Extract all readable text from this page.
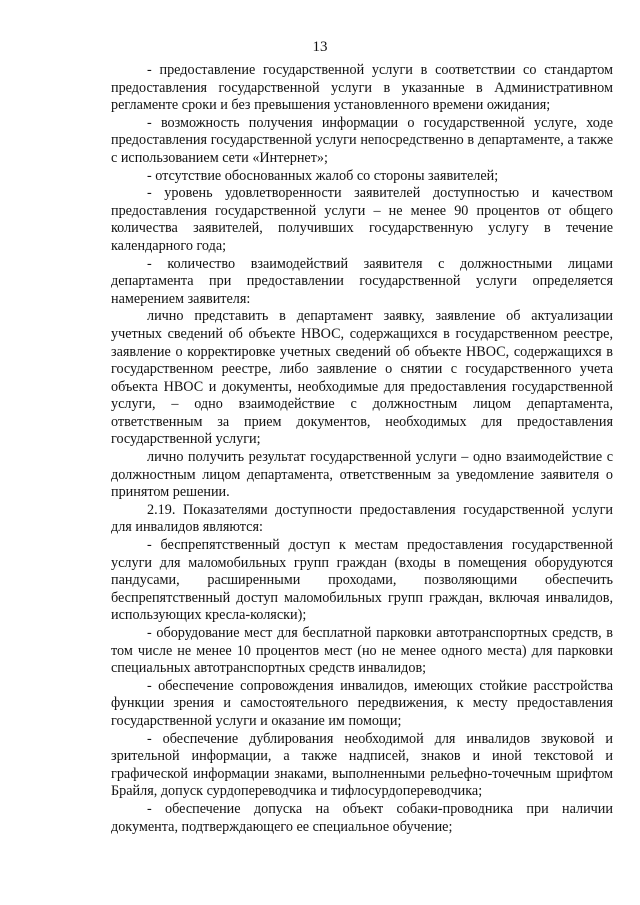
13

- предоставление государственной услуги в соответствии со стандартом предоставления государственной услуги в указанные в Административном регламенте сроки и без превышения установленного времени ожидания;

- возможность получения информации о государственной услуге, ходе предоставления государственной услуги непосредственно в департаменте, а также с использованием сети «Интернет»;

- отсутствие обоснованных жалоб со стороны заявителей;

- уровень удовлетворенности заявителей доступностью и качеством предоставления государственной услуги – не менее 90 процентов от общего количества заявителей, получивших государственную услугу в течение календарного года;

- количество взаимодействий заявителя с должностными лицами департамента при предоставлении государственной услуги определяется намерением заявителя:

лично представить в департамент заявку, заявление об актуализации учетных сведений об объекте НВОС, содержащихся в государственном реестре, заявление о корректировке учетных сведений об объекте НВОС, содержащихся в государственном реестре, либо заявление о снятии с государственного учета объекта НВОС и документы, необходимые для предоставления государственной услуги, – одно взаимодействие с должностным лицом департамента, ответственным за прием документов, необходимых для предоставления государственной услуги;

лично получить результат государственной услуги – одно взаимодействие с должностным лицом департамента, ответственным за уведомление заявителя о принятом решении.

2.19. Показателями доступности предоставления государственной услуги для инвалидов являются:

- беспрепятственный доступ к местам предоставления государственной услуги для маломобильных групп граждан (входы в помещения оборудуются пандусами, расширенными проходами, позволяющими обеспечить беспрепятственный доступ маломобильных групп граждан, включая инвалидов, использующих кресла-коляски);

- оборудование мест для бесплатной парковки автотранспортных средств, в том числе не менее 10 процентов мест (но не менее одного места) для парковки специальных автотранспортных средств инвалидов;

- обеспечение сопровождения инвалидов, имеющих стойкие расстройства функции зрения и самостоятельного передвижения, к месту предоставления государственной услуги и оказание им помощи;

- обеспечение дублирования необходимой для инвалидов звуковой и зрительной информации, а также надписей, знаков и иной текстовой и графической информации знаками, выполненными рельефно-точечным шрифтом Брайля, допуск сурдопереводчика и тифлосурдопереводчика;

- обеспечение допуска на объект собаки-проводника при наличии документа, подтверждающего ее специальное обучение;
